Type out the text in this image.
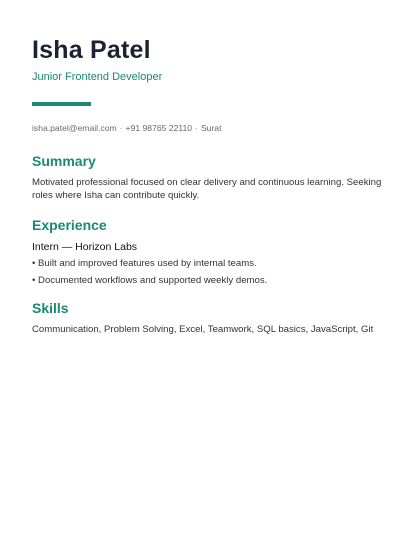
Isha Patel
Junior Frontend Developer
isha.patel@email.com · +91 98765 22110 · Surat
Summary

Motivated professional focused on clear delivery and continuous learning. Seeking roles where Isha can contribute quickly.

Experience
Intern — Horizon Labs
• Built and improved features used by internal teams.
• Documented workflows and supported weekly demos.
Skills

Communication, Problem Solving, Excel, Teamwork, SQL basics, JavaScript, Git
